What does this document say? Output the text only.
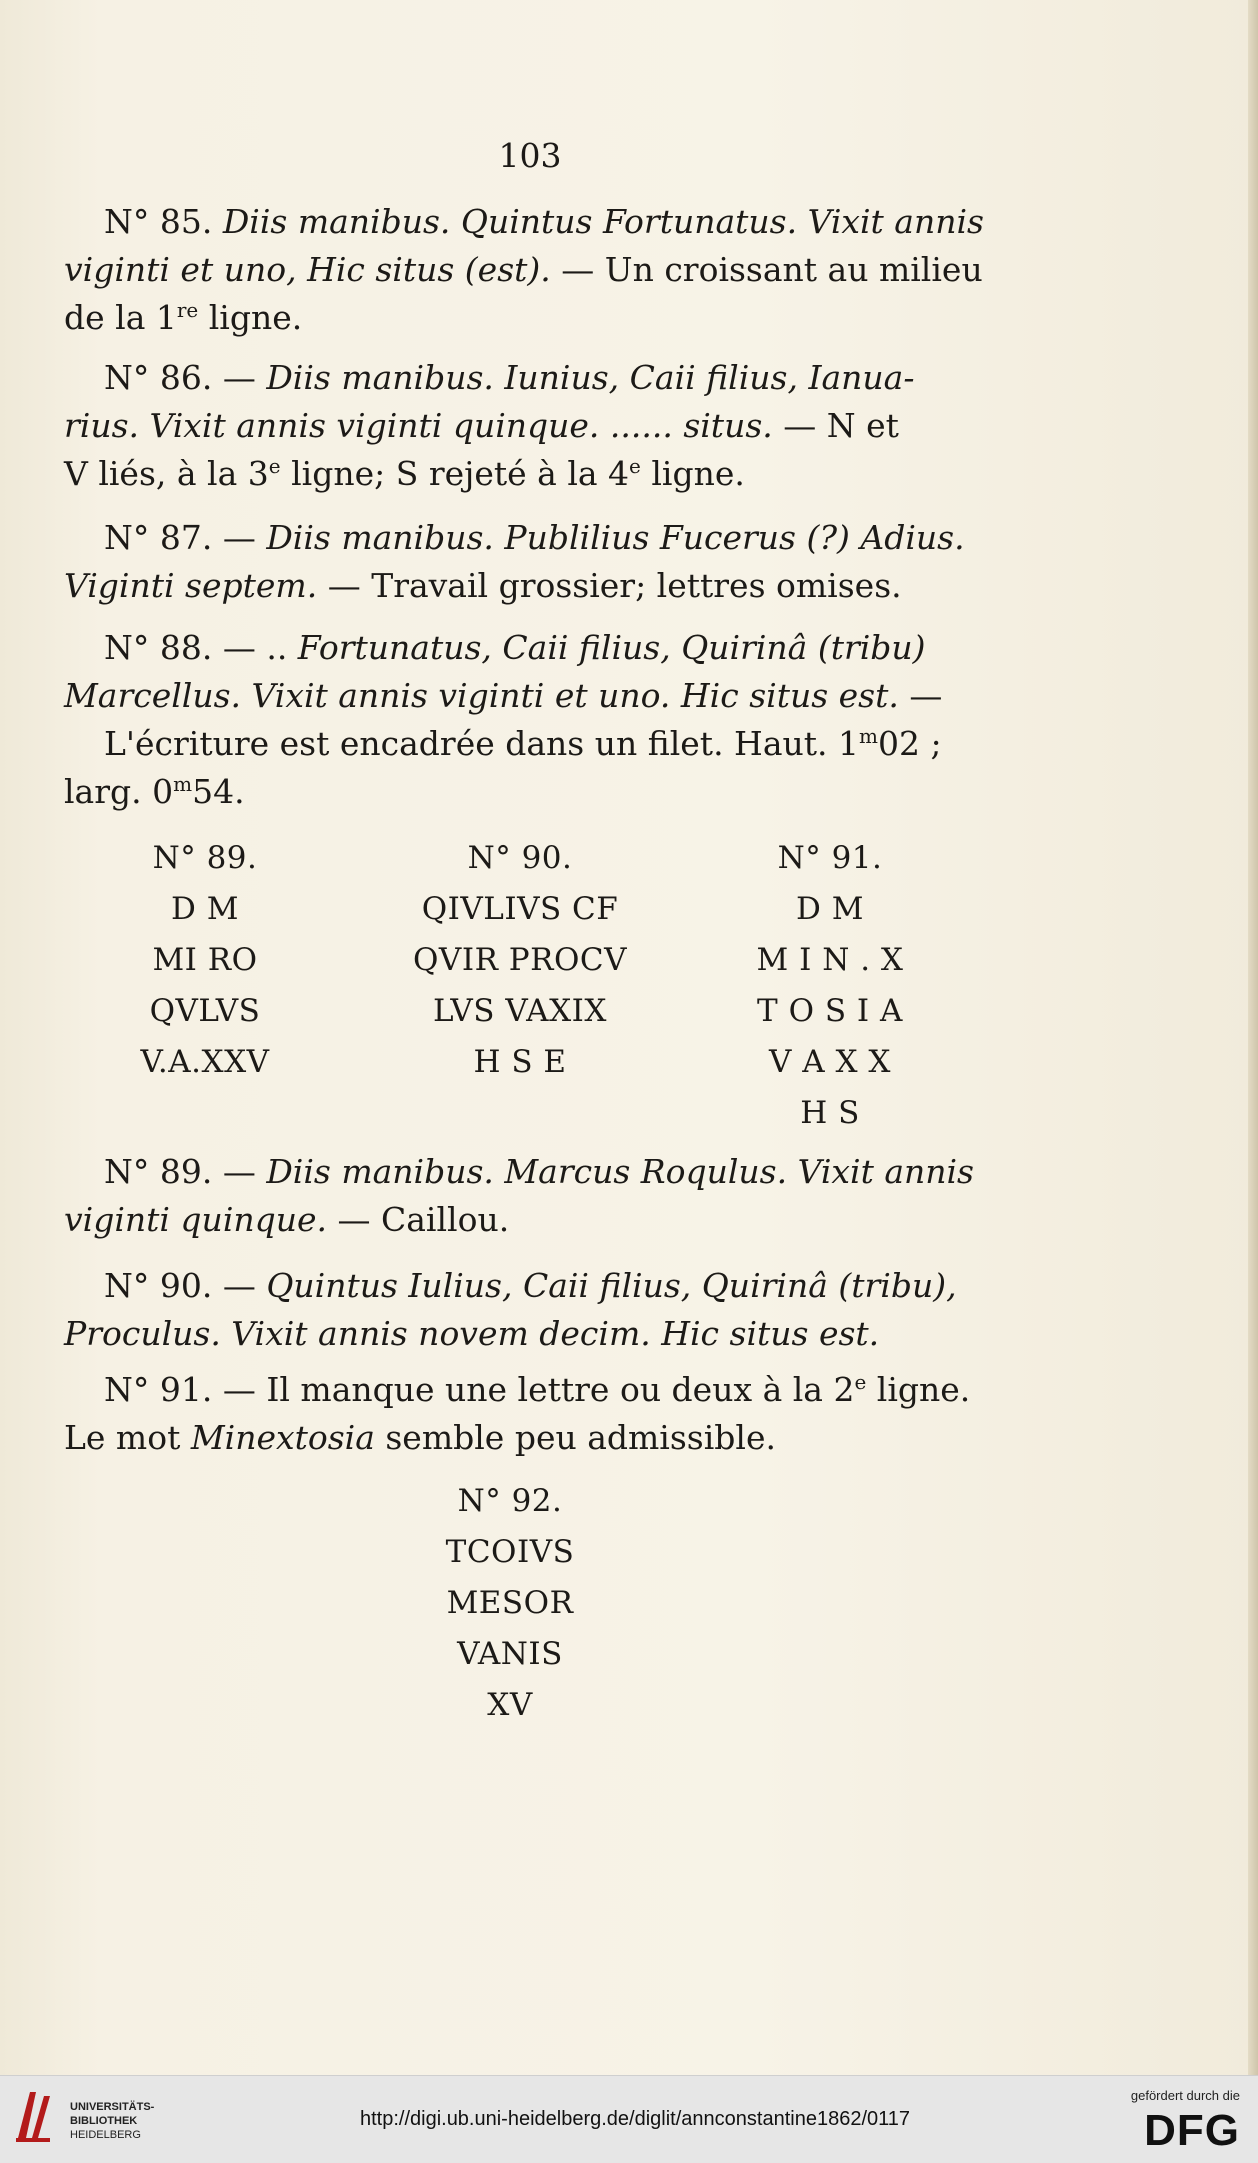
103
N° 85. Diis manibus. Quintus Fortunatus. Vixit annis
viginti et uno, Hic situs (est). — Un croissant au milieu
de la 1re ligne.
N° 86. — Diis manibus. Iunius, Caii filius, Ianua-
rius. Vixit annis viginti quinque. ...... situs. — N et
V liés, à la 3e ligne; S rejeté à la 4e ligne.
N° 87. — Diis manibus. Publilius Fucerus (?) Adius.
Viginti septem. — Travail grossier; lettres omises.
N° 88. — .. Fortunatus, Caii filius, Quirinâ (tribu)
Marcellus. Vixit annis viginti et uno. Hic situs est. —
L'écriture est encadrée dans un filet. Haut. 1$^m$02 ;
larg. 0$^m$54.
N° 89.
D M
MI RO
QVLVS
V.A.XXV
N° 90.
QIVLIVS CF
QVIR PROCV
LVS VAXIX
H S E
N° 91.
D M
M I N . X
T O S I A
V A X X
H S
N° 89. — Diis manibus. Marcus Roqulus. Vixit annis
viginti quinque. — Caillou.
N° 90. — Quintus Iulius, Caii filius, Quirinâ (tribu),
Proculus. Vixit annis novem decim. Hic situs est.
N° 91. — Il manque une lettre ou deux à la 2e ligne.
Le mot Minextosia semble peu admissible.
N° 92.
TCOIVS
MESOR
VANIS
XV
UNIVERSITÄTS-
BIBLIOTHEK
HEIDELBERG
http://digi.ub.uni-heidelberg.de/diglit/annconstantine1862/0117
gefördert durch die
DFG
